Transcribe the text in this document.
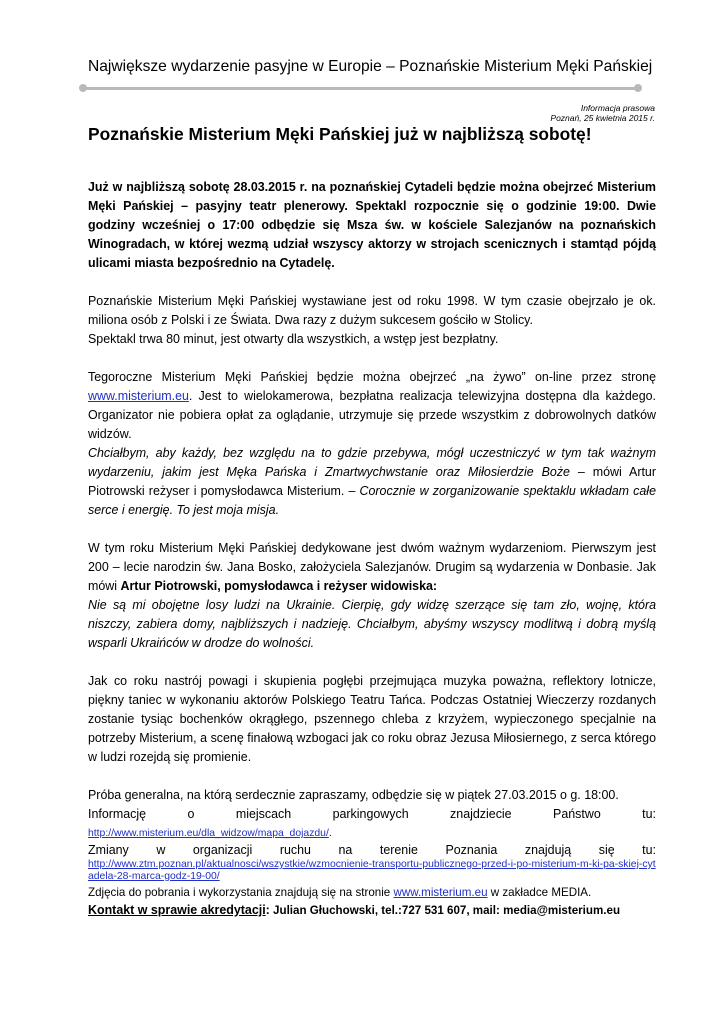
Największe wydarzenie pasyjne w Europie – Poznańskie Misterium Męki Pańskiej
Informacja prasowa
Poznań, 25 kwietnia 2015 r.
Poznańskie Misterium Męki Pańskiej już w najbliższą sobotę!

Już w najbliższą sobotę 28.03.2015 r. na poznańskiej Cytadeli będzie można obejrzeć Misterium Męki Pańskiej – pasyjny teatr plenerowy. Spektakl rozpocznie się o godzinie 19:00. Dwie godziny wcześniej o 17:00 odbędzie się Msza św. w kościele Salezjanów na poznańskich Winogradach, w której wezmą udział wszyscy aktorzy w strojach scenicznych i stamtąd pójdą ulicami miasta bezpośrednio na Cytadelę.

Poznańskie Misterium Męki Pańskiej wystawiane jest od roku 1998. W tym czasie obejrzało je ok. miliona osób z Polski i ze Świata. Dwa razy z dużym sukcesem gościło w Stolicy.

Spektakl trwa 80 minut, jest otwarty dla wszystkich, a wstęp jest bezpłatny.

Tegoroczne Misterium Męki Pańskiej będzie można obejrzeć „na żywo” on-line przez stronę www.misterium.eu. Jest to wielokamerowa, bezpłatna realizacja telewizyjna dostępna dla każdego. Organizator nie pobiera opłat za oglądanie, utrzymuje się przede wszystkim z dobrowolnych datków widzów.

Chciałbym, aby każdy, bez względu na to gdzie przebywa, mógł uczestniczyć w tym tak ważnym wydarzeniu, jakim jest Męka Pańska i Zmartwychwstanie oraz Miłosierdzie Boże – mówi Artur Piotrowski reżyser i pomysłodawca Misterium. – Corocznie w zorganizowanie spektaklu wkładam całe serce i energię. To jest moja misja.

W tym roku Misterium Męki Pańskiej dedykowane jest dwóm ważnym wydarzeniom. Pierwszym jest 200 – lecie narodzin św. Jana Bosko, założyciela Salezjanów. Drugim są wydarzenia w Donbasie. Jak mówi Artur Piotrowski, pomysłodawca i reżyser widowiska:

Nie są mi obojętne losy ludzi na Ukrainie. Cierpię, gdy widzę szerzące się tam zło, wojnę, która niszczy, zabiera domy, najbliższych i nadzieję. Chciałbym, abyśmy wszyscy modlitwą i dobrą myślą wsparli Ukraińców w drodze do wolności.

Jak co roku nastrój powagi i skupienia pogłębi przejmująca muzyka poważna, reflektory lotnicze, piękny taniec w wykonaniu aktorów Polskiego Teatru Tańca. Podczas Ostatniej Wieczerzy rozdanych zostanie tysiąc bochenków okrągłego, pszennego chleba z krzyżem, wypieczonego specjalnie na potrzeby Misterium, a scenę finałową wzbogaci jak co roku obraz Jezusa Miłosiernego, z serca którego w ludzi rozejdą się promienie.

Próba generalna, na którą serdecznie zapraszamy, odbędzie się w piątek 27.03.2015 o g. 18:00.

Informację o miejscach parkingowych znajdziecie Państwo tu:

http://www.misterium.eu/dla_widzow/mapa_dojazdu/.

Zmiany w organizacji ruchu na terenie Poznania znajdują się tu:

http://www.ztm.poznan.pl/aktualnosci/wszystkie/wzmocnienie-transportu-publicznego-przed-i-po-misterium-m-ki-pa-skiej-cytadela-28-marca-godz-19-00/

Zdjęcia do pobrania i wykorzystania znajdują się na stronie www.misterium.eu w zakładce MEDIA.

Kontakt w sprawie akredytacji: Julian Głuchowski, tel.:727 531 607, mail: media@misterium.eu
